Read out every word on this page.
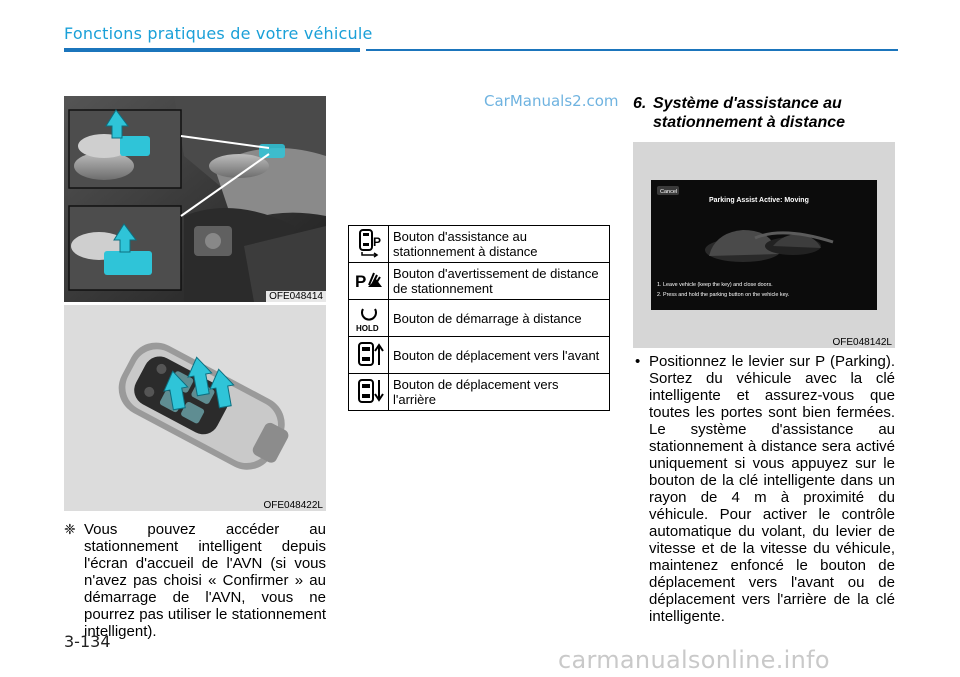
Fonctions pratiques de votre véhicule
CarManuals2.com
OFE048414
OFE048422L
❈ Vous pouvez accéder au stationnement intelligent depuis l'écran d'accueil de l'AVN (si vous n'avez pas choisi « Confirmer » au démarrage de l'AVN, vous ne pourrez pas utiliser le stationnement intelligent).
3-134
P	Bouton d'assistance au stationnement à distance

P	Bouton d'avertissement de distance de stationnement

HOLD	Bouton de démarrage à distance
	Bouton de déplacement vers l'avant
	Bouton de déplacement vers l'arrière
6. Système d'assistance au
stationnement à distance
Cancel
Parking Assist Active: Moving
1. Leave vehicle (keep the key) and close doors.
2. Press and hold the parking button on the vehicle key.
OFE048142L
• Positionnez le levier sur P (Parking). Sortez du véhicule avec la clé intelligente et assurez-vous que toutes les portes sont bien fermées. Le système d'assistance au stationnement à distance sera activé uniquement si vous appuyez sur le bouton de la clé intelligente dans un rayon de 4 m à proximité du véhicule. Pour activer le contrôle automatique du volant, du levier de vitesse et de la vitesse du véhicule, maintenez enfoncé le bouton de déplacement vers l'avant ou de déplacement vers l'arrière de la clé intelligente.
carmanualsonline.info
